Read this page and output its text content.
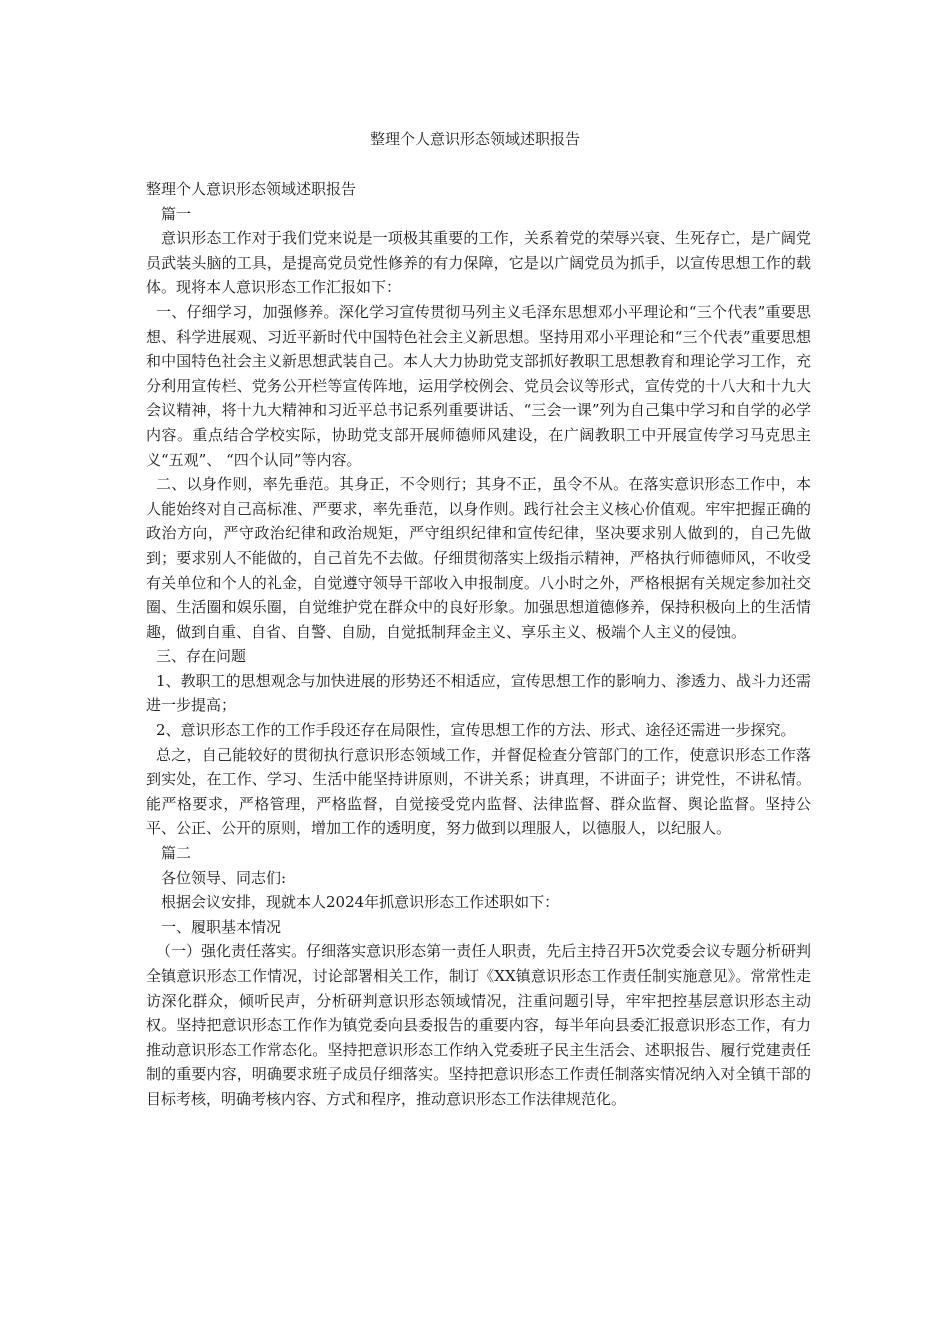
整理个人意识形态领域述职报告

整理个人意识形态领域述职报告

篇一

意识形态工作对于我们党来说是一项极其重要的工作，关系着党的荣辱兴衰、生死存亡，是广阔党员武装头脑的工具，是提高党员党性修养的有力保障，它是以广阔党员为抓手，以宣传思想工作的载体。现将本人意识形态工作汇报如下：

一、仔细学习，加强修养。深化学习宣传贯彻马列主义毛泽东思想邓小平理论和“三个代表”重要思想、科学进展观、习近平新时代中国特色社会主义新思想。坚持用邓小平理论和“三个代表”重要思想和中国特色社会主义新思想武装自己。本人大力协助党支部抓好教职工思想教育和理论学习工作，充分利用宣传栏、党务公开栏等宣传阵地，运用学校例会、党员会议等形式，宣传党的十八大和十九大会议精神，将十九大精神和习近平总书记系列重要讲话、“三会一课”列为自己集中学习和自学的必学内容。重点结合学校实际，协助党支部开展师德师风建设，在广阔教职工中开展宣传学习马克思主义“五观”、 “四个认同”等内容。

二、以身作则，率先垂范。其身正，不令则行；其身不正，虽令不从。在落实意识形态工作中，本人能始终对自己高标准、严要求，率先垂范，以身作则。践行社会主义核心价值观。牢牢把握正确的政治方向，严守政治纪律和政治规矩，严守组织纪律和宣传纪律，坚决要求别人做到的，自己先做到；要求别人不能做的，自己首先不去做。仔细贯彻落实上级指示精神，严格执行师德师风，不收受有关单位和个人的礼金，自觉遵守领导干部收入申报制度。八小时之外，严格根据有关规定参加社交圈、生活圈和娱乐圈，自觉维护党在群众中的良好形象。加强思想道德修养，保持积极向上的生活情趣，做到自重、自省、自警、自励，自觉抵制拜金主义、享乐主义、极端个人主义的侵蚀。

三、存在问题

1、教职工的思想观念与加快进展的形势还不相适应，宣传思想工作的影响力、渗透力、战斗力还需进一步提高；

2、意识形态工作的工作手段还存在局限性，宣传思想工作的方法、形式、途径还需进一步探究。

总之，自己能较好的贯彻执行意识形态领域工作，并督促检查分管部门的工作，使意识形态工作落到实处，在工作、学习、生活中能坚持讲原则，不讲关系；讲真理，不讲面子；讲党性，不讲私情。能严格要求，严格管理，严格监督，自觉接受党内监督、法律监督、群众监督、舆论监督。坚持公平、公正、公开的原则，增加工作的透明度，努力做到以理服人，以德服人，以纪服人。

篇二

各位领导、同志们:

根据会议安排，现就本人2024年抓意识形态工作述职如下：

一、履职基本情况

（一）强化责任落实。仔细落实意识形态第一责任人职责，先后主持召开5次党委会议专题分析研判全镇意识形态工作情况，讨论部署相关工作，制订《XX镇意识形态工作责任制实施意见》。常常性走访深化群众，倾听民声，分析研判意识形态领域情况，注重问题引导，牢牢把控基层意识形态主动权。坚持把意识形态工作作为镇党委向县委报告的重要内容，每半年向县委汇报意识形态工作，有力推动意识形态工作常态化。坚持把意识形态工作纳入党委班子民主生活会、述职报告、履行党建责任制的重要内容，明确要求班子成员仔细落实。坚持把意识形态工作责任制落实情况纳入对全镇干部的目标考核，明确考核内容、方式和程序，推动意识形态工作法律规范化。
